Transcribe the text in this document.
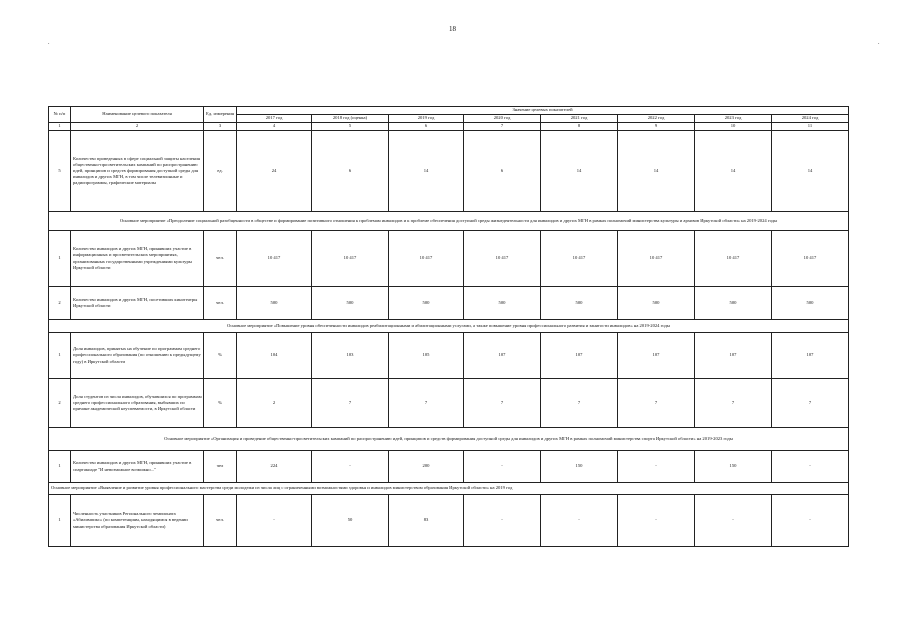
18
.	.
№ п/п	Наименование целевого показателя	Ед. измерения	Значение целевых показателей							
			2017 год	2018 год (оценка)	2019 год	2020 год	2021 год	2022 год	2023 год	2024 год
1	2	3	4	5	6	7	8	9	10	11
5	Количество проведенных в сфере социальной защиты населения общественно-просветительских кампаний по распространению идей, принципов и средств формирования доступной среды для инвалидов и других МГН, в том числе телевизионные и радиопрограммы, графические материалы	ед.	24	6	14	6	14	14	14	14
Основное мероприятие «Преодоление социальной разобщенности в обществе и формирование позитивного отношения к проблемам инвалидов и к проблеме обеспечения доступной среды жизнедеятельности для инвалидов и других МГН в рамках полномочий министерства культуры и архивов Иркутской области» на 2019-2024 годы										
1	Количество инвалидов и других МГН, принявших участие в информационных и просветительских мероприятиях, организованных государственными учреждениями культуры Иркутской области	чел.	10 417	10 417	10 417	10 417	10 417	10 417	10 417	10 417
2	Количество инвалидов и других МГН, посетивших кинотеатры Иркутской области	чел.	500	500	500	500	500	500	500	500
Основное мероприятие «Повышение уровня обеспеченности инвалидов реабилитационными и абилитационными услугами, а также повышение уровня профессионального развития и занятости инвалидов» на 2019-2024 годы										
1	Доля инвалидов, принятых на обучение по программам среднего профессионального образования (по отношению к предыдущему году) в Иркутской области	%	104	103	105	107	107	107	107	107
2	Доля студентов из числа инвалидов, обучавшихся по программам среднего профессионального образования, выбывших по причине академической неуспеваемости, в Иркутской области	%	2	7	7	7	7	7	7	7
Основное мероприятие «Организация и проведение общественно-просветительских кампаний по распространению идей, принципов и средств формирования доступной среды для инвалидов и других МГН в рамках полномочий министерства спорта Иркутской области» на 2019-2023 годы										
1	Количество инвалидов и других МГН, принявших участие в спартакиаде "И невозможное возможно..."	чел	224	-	200	-	150	-	150	-
Основное мероприятие «Выявление и развитие уровня профессионального мастерства среди молодежи из числа лиц с ограниченными возможностями здоровья и инвалидов министерством образования Иркутской области» на 2019 год										
1	Численность участников Регионального чемпионата «Абилимпикс» (по компетенциям, находящимся в ведении министерства образования Иркутской области)	чел.	-	50	83	-	-	-	-	-
